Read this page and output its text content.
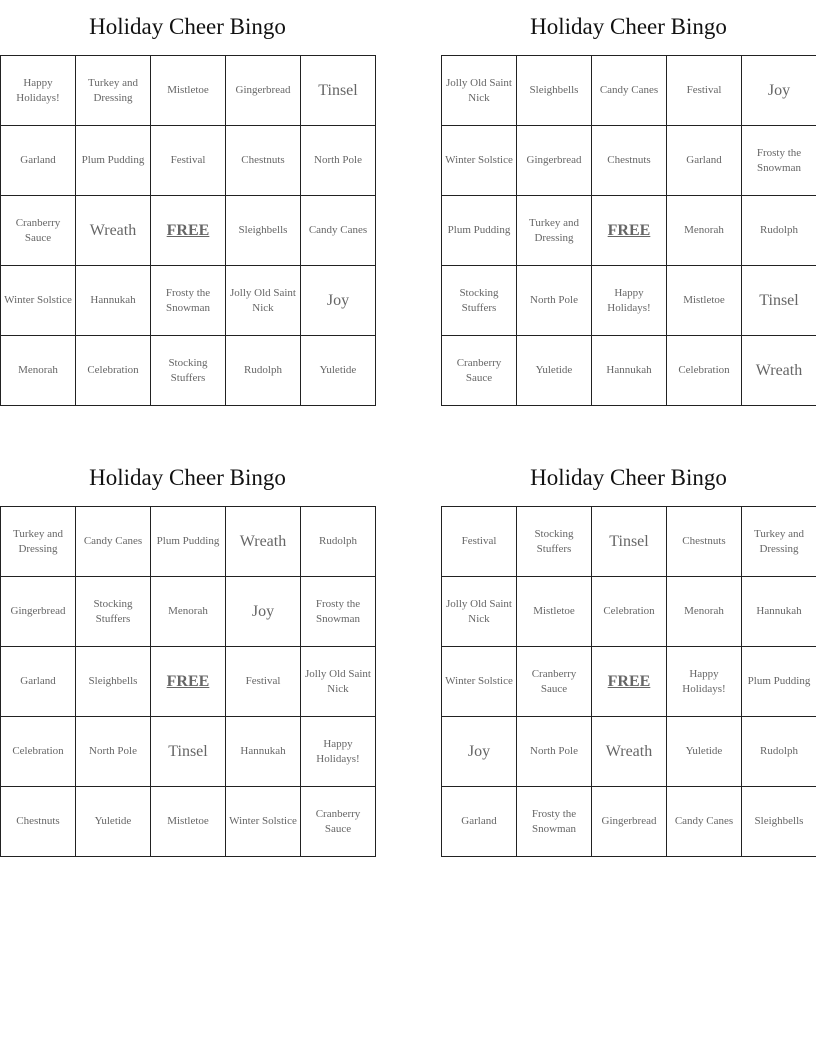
Holiday Cheer Bingo
Happy Holidays!	Turkey and Dressing	Mistletoe	Gingerbread	Tinsel
Garland	Plum Pudding	Festival	Chestnuts	North Pole
Cranberry Sauce	Wreath	FREE	Sleighbells	Candy Canes
Winter Solstice	Hannukah	Frosty the Snowman	Jolly Old Saint Nick	Joy
Menorah	Celebration	Stocking Stuffers	Rudolph	Yuletide
Holiday Cheer Bingo
Jolly Old Saint Nick	Sleighbells	Candy Canes	Festival	Joy
Winter Solstice	Gingerbread	Chestnuts	Garland	Frosty the Snowman
Plum Pudding	Turkey and Dressing	FREE	Menorah	Rudolph
Stocking Stuffers	North Pole	Happy Holidays!	Mistletoe	Tinsel
Cranberry Sauce	Yuletide	Hannukah	Celebration	Wreath
Holiday Cheer Bingo
Turkey and Dressing	Candy Canes	Plum Pudding	Wreath	Rudolph
Gingerbread	Stocking Stuffers	Menorah	Joy	Frosty the Snowman
Garland	Sleighbells	FREE	Festival	Jolly Old Saint Nick
Celebration	North Pole	Tinsel	Hannukah	Happy Holidays!
Chestnuts	Yuletide	Mistletoe	Winter Solstice	Cranberry Sauce
Holiday Cheer Bingo
Festival	Stocking Stuffers	Tinsel	Chestnuts	Turkey and Dressing
Jolly Old Saint Nick	Mistletoe	Celebration	Menorah	Hannukah
Winter Solstice	Cranberry Sauce	FREE	Happy Holidays!	Plum Pudding
Joy	North Pole	Wreath	Yuletide	Rudolph
Garland	Frosty the Snowman	Gingerbread	Candy Canes	Sleighbells
